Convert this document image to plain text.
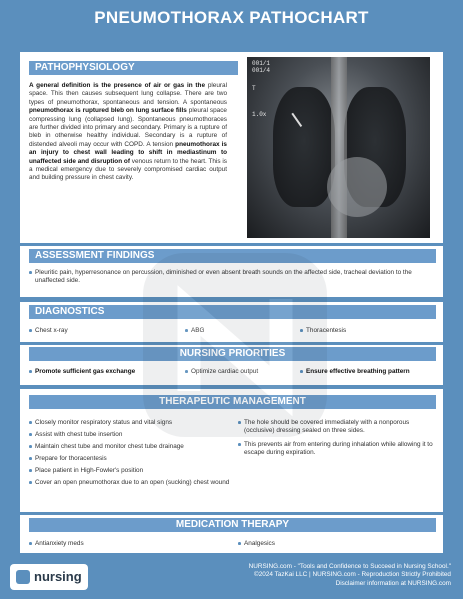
PNEUMOTHORAX PATHOCHART
PATHOPHYSIOLOGY
A general definition is the presence of air or gas in the pleural space. This then causes subsequent lung collapse. There are two types of pneumothorax, spontaneous and tension. A spontaneous pneumothorax is ruptured bleb on lung surface fills pleural space compressing lung (collapsed lung). Spontaneous pneumothoraces are further divided into primary and secondary. Primary is a rupture of bleb in otherwise healthy individual. Secondary is a rupture of distended alveoli may occur with COPD. A tension pneumothorax is an injury to chest wall leading to shift in mediastinum to unaffected side and disruption of venous return to the heart. This is a medical emergency due to severely compromised cardiac output and building pressure in chest cavity.
001/1
001/4
T
1.0x
ASSESSMENT FINDINGS
Pleuritic pain, hyperresonance on percussion, diminished or even absent breath sounds on the affected side, tracheal deviation to the unaffected side.
DIAGNOSTICS
Chest x-ray	ABG	Thoracentesis
NURSING PRIORITIES
Promote sufficient gas exchange	Optimize cardiac output	Ensure effective breathing pattern
THERAPEUTIC MANAGEMENT
Closely monitor respiratory status and vital signs
Assist with chest tube insertion
Maintain chest tube and monitor chest tube drainage
Prepare for thoracentesis
Place patient in High-Fowler's position
Cover an open pneumothorax due to an open (sucking) chest wound
The hole should be covered immediately with a nonporous (occlusive) dressing sealed on three sides.
This prevents air from entering during inhalation while allowing it to escape during expiration.
MEDICATION THERAPY
Antianxiety meds	Analgesics
nursing
NURSING.com - "Tools and Confidence to Succeed in Nursing School."
©2024 TazKai LLC | NURSING.com - Reproduction Strictly Prohibited
Disclaimer information at NURSING.com
